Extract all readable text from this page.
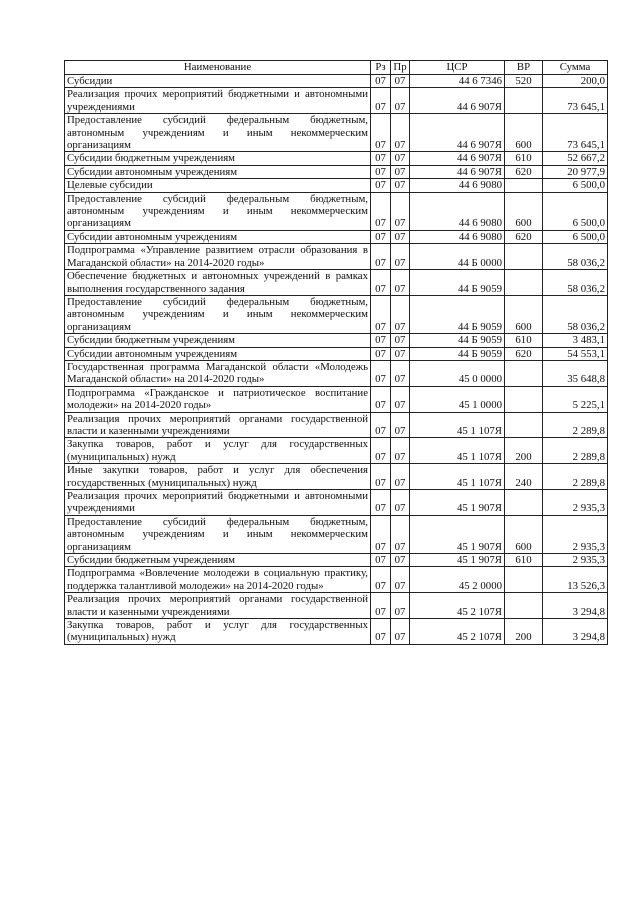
Наименование	Рз	Пр	ЦСР	ВР	Сумма
Субсидии	07	07	44 6 7346	520	200,0
Реализация прочих мероприятий бюджетными и автономными учреждениями	07	07	44 6 907Я		73 645,1
Предоставление субсидий федеральным бюджетным, автономным учреждениям и иным некоммерческим организациям	07	07	44 6 907Я	600	73 645,1
Субсидии бюджетным учреждениям	07	07	44 6 907Я	610	52 667,2
Субсидии автономным учреждениям	07	07	44 6 907Я	620	20 977,9
Целевые субсидии	07	07	44 6 9080		6 500,0
Предоставление субсидий федеральным бюджетным, автономным учреждениям и иным некоммерческим организациям	07	07	44 6 9080	600	6 500,0
Субсидии автономным учреждениям	07	07	44 6 9080	620	6 500,0
Подпрограмма «Управление развитием отрасли образования в Магаданской области» на 2014-2020 годы»	07	07	44 Б 0000		58 036,2
Обеспечение бюджетных и автономных учреждений в рамках выполнения государственного задания	07	07	44 Б 9059		58 036,2
Предоставление субсидий федеральным бюджетным, автономным учреждениям и иным некоммерческим организациям	07	07	44 Б 9059	600	58 036,2
Субсидии бюджетным учреждениям	07	07	44 Б 9059	610	3 483,1
Субсидии автономным учреждениям	07	07	44 Б 9059	620	54 553,1
Государственная программа Магаданской области «Молодежь Магаданской области» на 2014-2020 годы»	07	07	45 0 0000		35 648,8
Подпрограмма «Гражданское и патриотическое воспитание молодежи» на 2014-2020 годы»	07	07	45 1 0000		5 225,1
Реализация прочих мероприятий органами государственной власти и казенными учреждениями	07	07	45 1 107Я		2 289,8
Закупка товаров, работ и услуг для государственных (муниципальных) нужд	07	07	45 1 107Я	200	2 289,8
Иные закупки товаров, работ и услуг для обеспечения государственных (муниципальных) нужд	07	07	45 1 107Я	240	2 289,8
Реализация прочих мероприятий бюджетными и автономными учреждениями	07	07	45 1 907Я		2 935,3
Предоставление субсидий федеральным бюджетным, автономным учреждениям и иным некоммерческим организациям	07	07	45 1 907Я	600	2 935,3
Субсидии бюджетным учреждениям	07	07	45 1 907Я	610	2 935,3
Подпрограмма «Вовлечение молодежи в социальную практику, поддержка талантливой молодежи» на 2014-2020 годы»	07	07	45 2 0000		13 526,3
Реализация прочих мероприятий органами государственной власти и казенными учреждениями	07	07	45 2 107Я		3 294,8
Закупка товаров, работ и услуг для государственных (муниципальных) нужд	07	07	45 2 107Я	200	3 294,8
